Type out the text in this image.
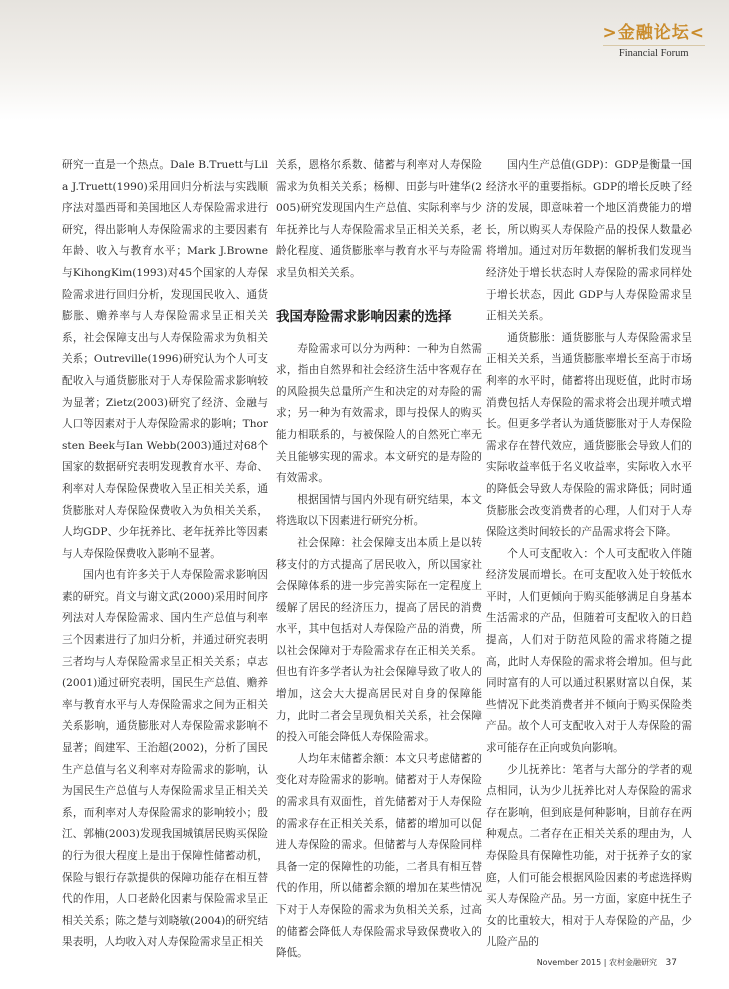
>金融论坛<
Financial Forum

研究一直是一个热点。Dale B.Truett与Lila J.Truett(1990)采用回归分析法与实践顺序法对墨西哥和美国地区人寿保险需求进行研究，得出影响人寿保险需求的主要因素有年龄、收入与教育水平；Mark J.Browne与KihongKim(1993)对45个国家的人寿保险需求进行回归分析，发现国民收入、通货膨胀、赡养率与人寿保险需求呈正相关关系，社会保障支出与人寿保险需求为负相关关系；Outreville(1996)研究认为个人可支配收入与通货膨胀对于人寿保险需求影响较为显著；Zietz(2003)研究了经济、金融与人口等因素对于人寿保险需求的影响；Thorsten Beek与Ian Webb(2003)通过对68个国家的数据研究表明发现教育水平、寿命、利率对人寿保险保费收入呈正相关关系，通货膨胀对人寿保险保费收入为负相关关系，人均GDP、少年抚养比、老年抚养比等因素与人寿保险保费收入影响不显著。

国内也有许多关于人寿保险需求影响因素的研究。肖文与谢文武(2000)采用时间序列法对人寿保险需求、国内生产总值与利率三个因素进行了加归分析，并通过研究表明三者均与人寿保险需求呈正相关关系；卓志(2001)通过研究表明，国民生产总值、赡养率与教育水平与人寿保险需求之间为正相关关系影响，通货膨胀对人寿保险需求影响不显著；阎建军、王治超(2002)，分析了国民生产总值与名义利率对寿险需求的影响，认为国民生产总值与人寿保险需求呈正相关关系，而利率对人寿保险需求的影响较小；殷江、郭楠(2003)发现我国城镇居民购买保险的行为很大程度上是出于保障性储蓄动机，保险与银行存款提供的保障功能存在相互替代的作用，人口老龄化因素与保险需求呈正相关关系；陈之楚与刘晓敏(2004)的研究结果表明，人均收入对人寿保险需求呈正相关

关系，恩格尔系数、储蓄与利率对人寿保险需求为负相关关系；杨柳、田彭与叶建华(2005)研究发现国内生产总值、实际利率与少年抚养比与人寿保险需求呈正相关关系，老龄化程度、通货膨胀率与教育水平与寿险需求呈负相关关系。

我国寿险需求影响因素的选择

寿险需求可以分为两种：一种为自然需求，指由自然界和社会经济生活中客观存在的风险损失总量所产生和决定的对寿险的需求；另一种为有效需求，即与投保人的购买能力相联系的，与被保险人的自然死亡率无关且能够实现的需求。本文研究的是寿险的有效需求。

根据国情与国内外现有研究结果，本文将选取以下因素进行研究分析。

社会保障：社会保障支出本质上是以转移支付的方式提高了居民收入，所以国家社会保障体系的进一步完善实际在一定程度上缓解了居民的经济压力，提高了居民的消费水平，其中包括对人寿保险产品的消费，所以社会保障对于寿险需求存在正相关关系。但也有许多学者认为社会保障导致了收人的增加，这会大大提高居民对自身的保障能力，此时二者会呈现负相关关系，社会保障的投入可能会降低人寿保险需求。

人均年末储蓄余额：本文只考虑储蓄的变化对寿险需求的影响。储蓄对于人寿保险的需求具有双面性，首先储蓄对于人寿保险的需求存在正相关关系，储蓄的增加可以促进人寿保险的需求。但储蓄与人寿保险同样具备一定的保障性的功能，二者具有相互替代的作用，所以储蓄余额的增加在某些情况下对于人寿保险的需求为负相关关系，过高的储蓄会降低人寿保险需求导致保费收入的降低。

国内生产总值(GDP)：GDP是衡量一国经济水平的重要指标。GDP的增长反映了经济的发展，即意味着一个地区消费能力的增长，所以购买人寿保险产品的投保人数量必将增加。通过对历年数据的解析我们发现当经济处于增长状态时人寿保险的需求同样处于增长状态，因此 GDP与人寿保险需求呈正相关关系。

通货膨胀：通货膨胀与人寿保险需求呈正相关关系，当通货膨胀率增长至高于市场利率的水平时，储蓄将出现贬值，此时市场消费包括人寿保险的需求将会出现并喷式增长。但更多学者认为通货膨胀对于人寿保险需求存在替代效应，通货膨胀会导致人们的实际收益率低于名义收益率，实际收入水平的降低会导致人寿保险的需求降低；同时通货膨胀会改变消费者的心理，人们对于人寿保险这类时间较长的产品需求将会下降。

个人可支配收入：个人可支配收入伴随经济发展而增长。在可支配收入处于较低水平时，人们更倾向于购买能够满足自身基本生活需求的产品，但随着可支配收入的日趋提高，人们对于防范风险的需求将随之提高，此时人寿保险的需求将会增加。但与此同时富有的人可以通过积累财富以自保，某些情况下此类消费者并不倾向于购买保险类产品。故个人可支配收入对于人寿保险的需求可能存在正向或负向影响。

少儿抚养比：笔者与大部分的学者的观点相同，认为少儿抚养比对人寿保险的需求存在影响，但到底是何种影响，目前存在两种观点。二者存在正相关关系的理由为，人寿保险具有保障性功能，对于抚养子女的家庭，人们可能会根据风险因素的考虑选择购买人寿保险产品。另一方面，家庭中抚生子女的比重较大，相对于人寿保险的产品，少儿险产品的

November 2015 | 农村金融研究 37
